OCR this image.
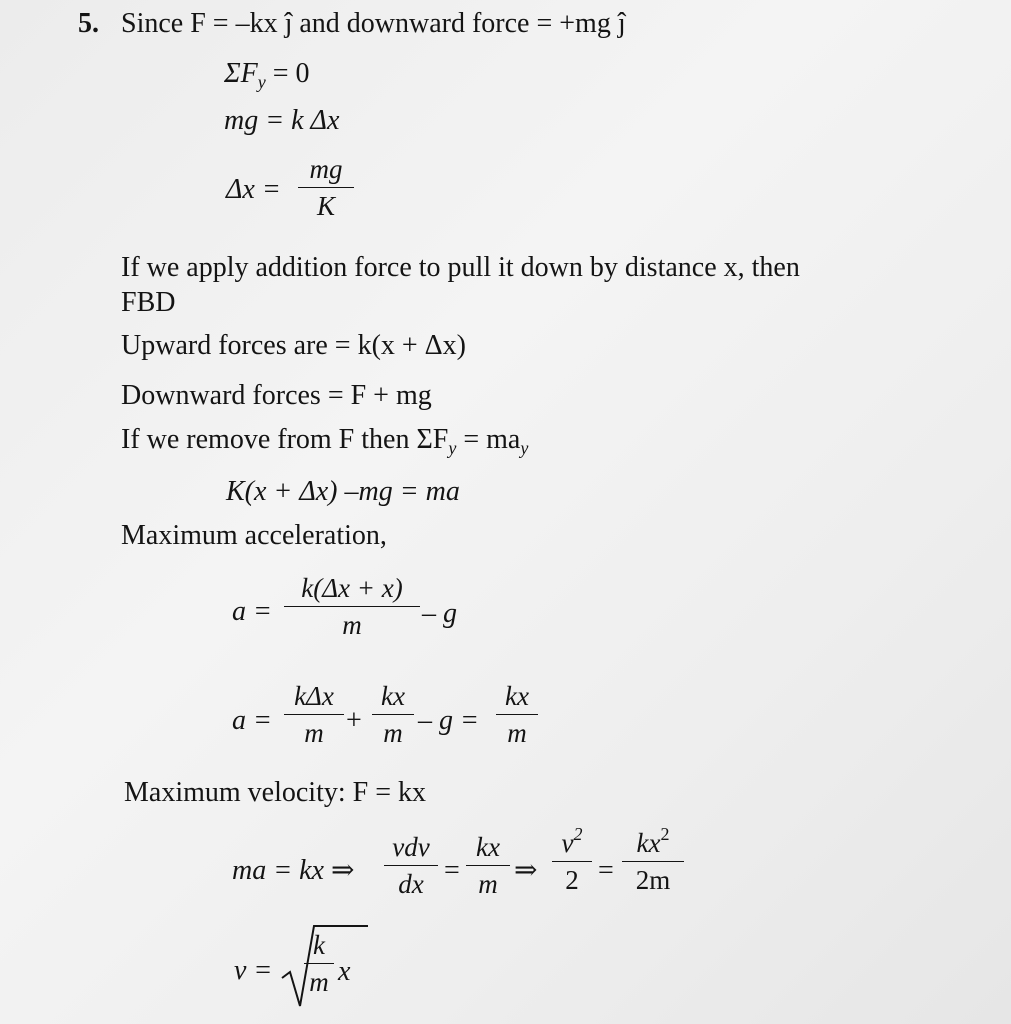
5. Since F = –kx ĵ and downward force = +mg ĵ
$\Sigma F_y = 0$
mg = k Δx
Δx =
mg
K
If we apply addition force to pull it down by distance x, then
FBD
Upward forces are = k(x + Δx)
Downward forces = F + mg
If we remove from F then $\Sigma F_y = ma_y$
K(x + Δx) –mg = ma
Maximum acceleration,
a =
k(Δx + x)
m	– g
a =
kΔx
m +
kx
m – g =
kx
m
Maximum velocity: F = kx
ma = kx ⇒
vdv
dx =
kx
m ⇒
$v^2$
2 =
$kx^2$
2m
v =
k
m x
